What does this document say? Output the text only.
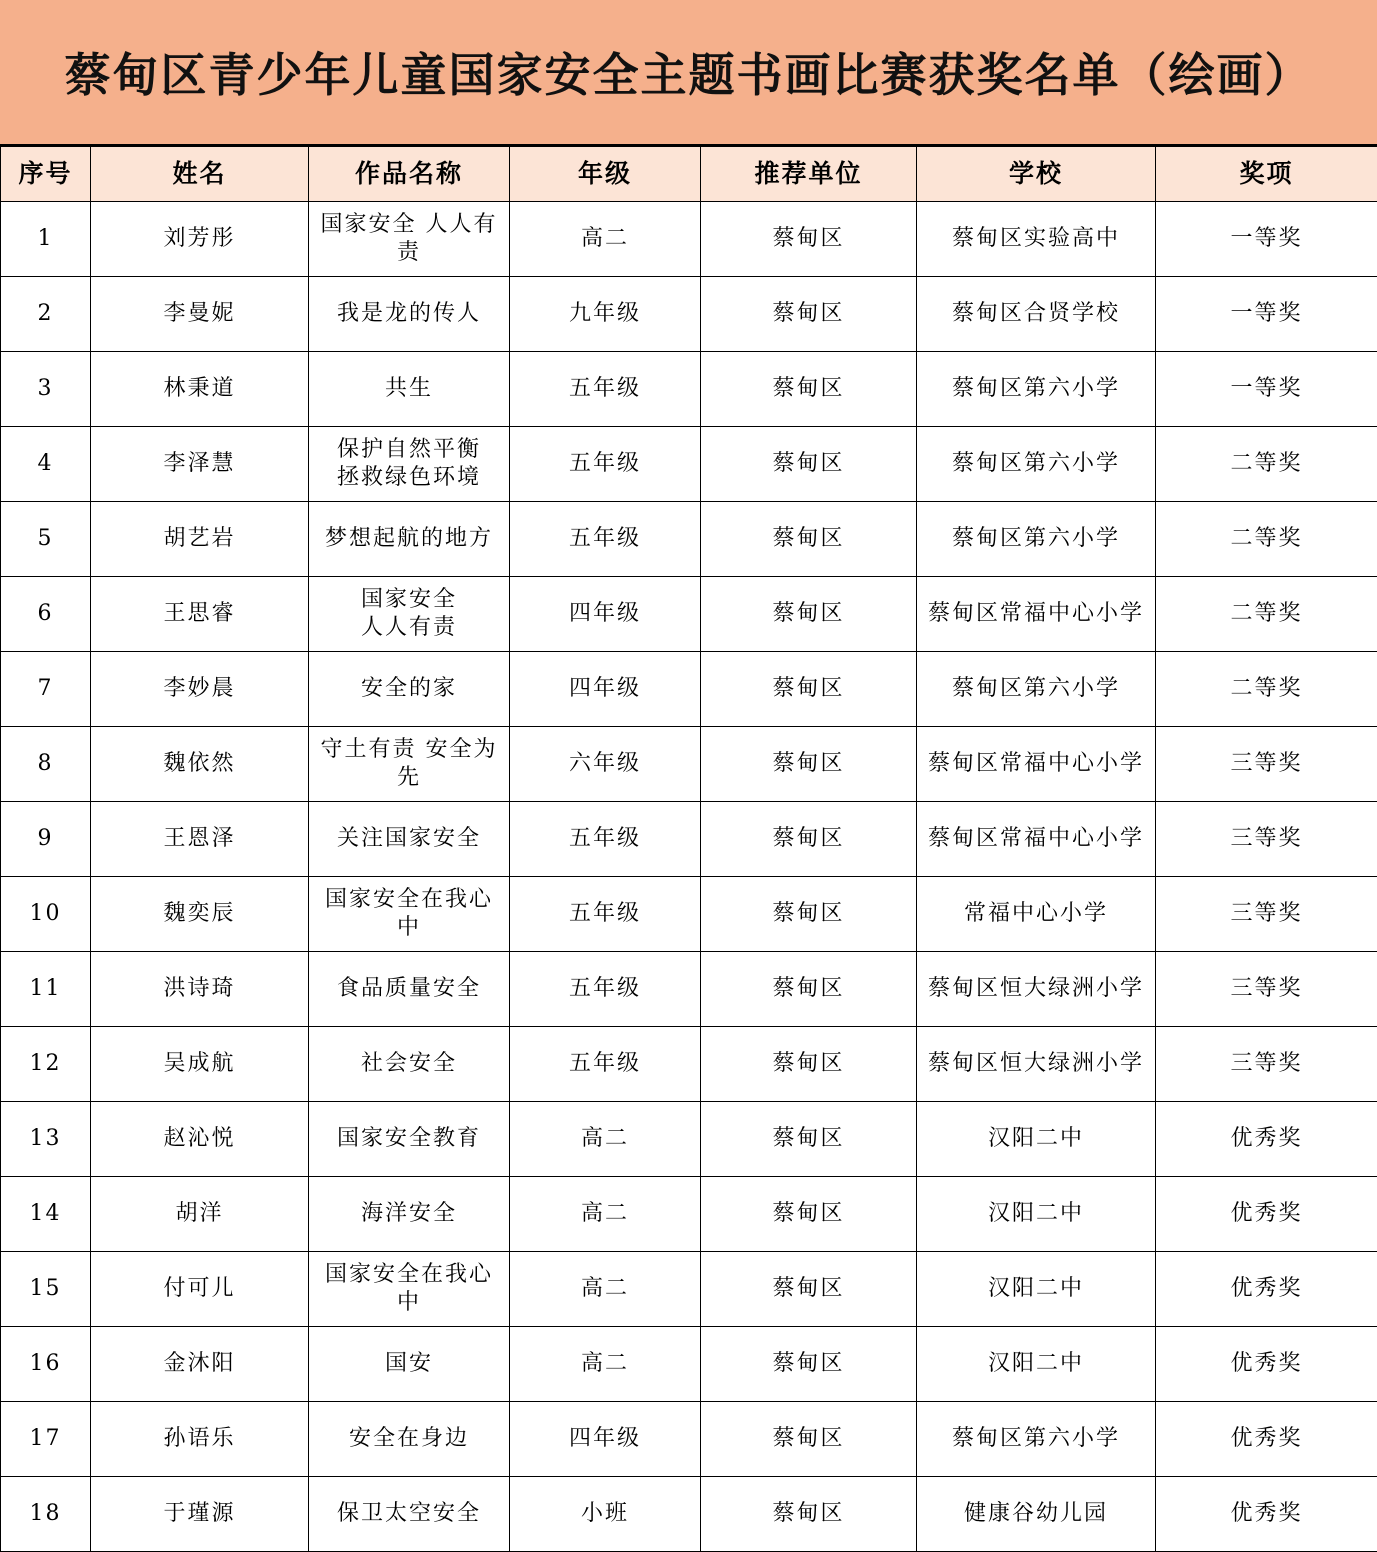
蔡甸区青少年儿童国家安全主题书画比赛获奖名单（绘画）
序号	姓名	作品名称	年级	推荐单位	学校	奖项
1	刘芳彤	国家安全 人人有
责	高二	蔡甸区	蔡甸区实验高中	一等奖
2	李曼妮	我是龙的传人	九年级	蔡甸区	蔡甸区合贤学校	一等奖
3	林秉道	共生	五年级	蔡甸区	蔡甸区第六小学	一等奖
4	李泽慧	保护自然平衡
拯救绿色环境	五年级	蔡甸区	蔡甸区第六小学	二等奖
5	胡艺岩	梦想起航的地方	五年级	蔡甸区	蔡甸区第六小学	二等奖
6	王思睿	国家安全
人人有责	四年级	蔡甸区	蔡甸区常福中心小学	二等奖
7	李妙晨	安全的家	四年级	蔡甸区	蔡甸区第六小学	二等奖
8	魏依然	守土有责 安全为
先	六年级	蔡甸区	蔡甸区常福中心小学	三等奖
9	王恩泽	关注国家安全	五年级	蔡甸区	蔡甸区常福中心小学	三等奖
10	魏奕辰	国家安全在我心
中	五年级	蔡甸区	常福中心小学	三等奖
11	洪诗琦	食品质量安全	五年级	蔡甸区	蔡甸区恒大绿洲小学	三等奖
12	吴成航	社会安全	五年级	蔡甸区	蔡甸区恒大绿洲小学	三等奖
13	赵沁悦	国家安全教育	高二	蔡甸区	汉阳二中	优秀奖
14	胡洋	海洋安全	高二	蔡甸区	汉阳二中	优秀奖
15	付可儿	国家安全在我心
中	高二	蔡甸区	汉阳二中	优秀奖
16	金沐阳	国安	高二	蔡甸区	汉阳二中	优秀奖
17	孙语乐	安全在身边	四年级	蔡甸区	蔡甸区第六小学	优秀奖
18	于瑾源	保卫太空安全	小班	蔡甸区	健康谷幼儿园	优秀奖
